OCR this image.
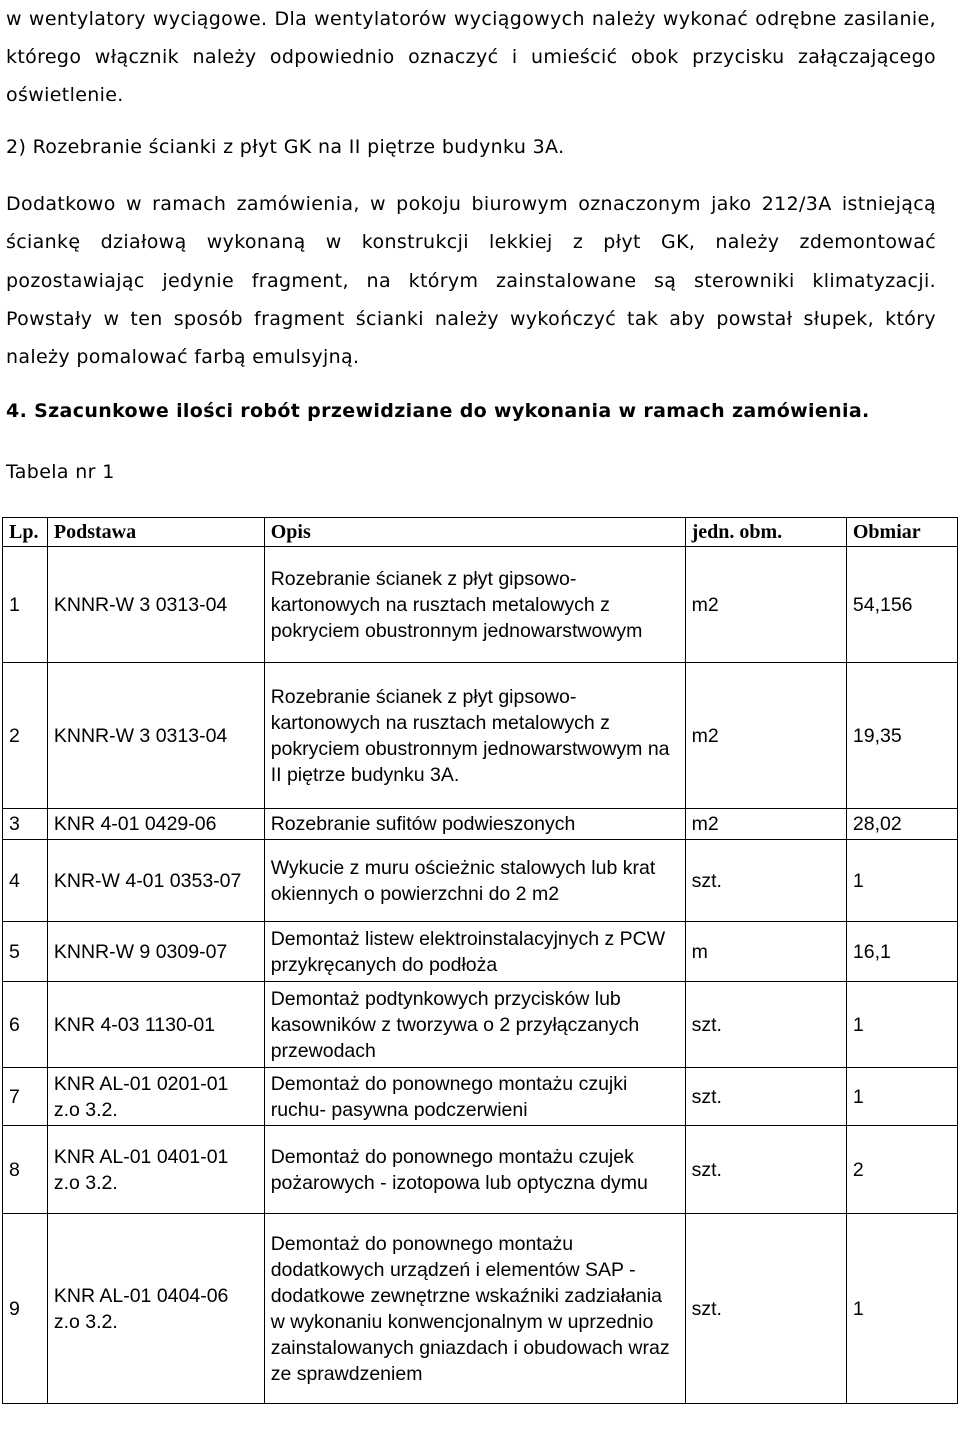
w wentylatory wyciągowe. Dla wentylatorów wyciągowych należy wykonać odrębne zasilanie, którego włącznik należy odpowiednio oznaczyć i umieścić obok przycisku załączającego oświetlenie.
2) Rozebranie ścianki z płyt GK na II piętrze budynku 3A.
Dodatkowo w ramach zamówienia, w pokoju biurowym oznaczonym jako 212/3A istniejącą ściankę działową wykonaną w konstrukcji lekkiej z płyt GK, należy zdemontować pozostawiając jedynie fragment, na którym zainstalowane są sterowniki klimatyzacji. Powstały w ten sposób fragment ścianki należy wykończyć tak aby powstał słupek, który należy pomalować farbą emulsyjną.
4. Szacunkowe ilości robót przewidziane do wykonania w ramach zamówienia.
Tabela nr 1
Lp.	Podstawa	Opis	jedn. obm.	Obmiar
1	KNNR-W 3 0313-04	Rozebranie ścianek z płyt gipsowo-kartonowych na rusztach metalowych z pokryciem obustronnym jednowarstwowym	m2	54,156
2	KNNR-W 3 0313-04	Rozebranie ścianek z płyt gipsowo-kartonowych na rusztach metalowych z pokryciem obustronnym jednowarstwowym na II piętrze budynku 3A.	m2	19,35
3	KNR 4-01 0429-06	Rozebranie sufitów podwieszonych	m2	28,02
4	KNR-W 4-01 0353-07	Wykucie z muru ościeżnic stalowych lub krat okiennych o powierzchni do 2 m2	szt.	1
5	KNNR-W 9 0309-07	Demontaż listew elektroinstalacyjnych z PCW przykręcanych do podłoża	m	16,1
6	KNR 4-03 1130-01	Demontaż podtynkowych przycisków lub kasowników z tworzywa o 2 przyłączanych przewodach	szt.	1
7	KNR AL-01 0201-01 z.o 3.2.	Demontaż do ponownego montażu czujki ruchu- pasywna podczerwieni	szt.	1
8	KNR AL-01 0401-01 z.o 3.2.	Demontaż do ponownego montażu czujek pożarowych - izotopowa lub optyczna dymu	szt.	2
9	KNR AL-01 0404-06 z.o 3.2.	Demontaż do ponownego montażu dodatkowych urządzeń i elementów SAP - dodatkowe zewnętrzne wskaźniki zadziałania w wykonaniu konwencjonalnym w uprzednio zainstalowanych gniazdach i obudowach wraz ze sprawdzeniem	szt.	1
